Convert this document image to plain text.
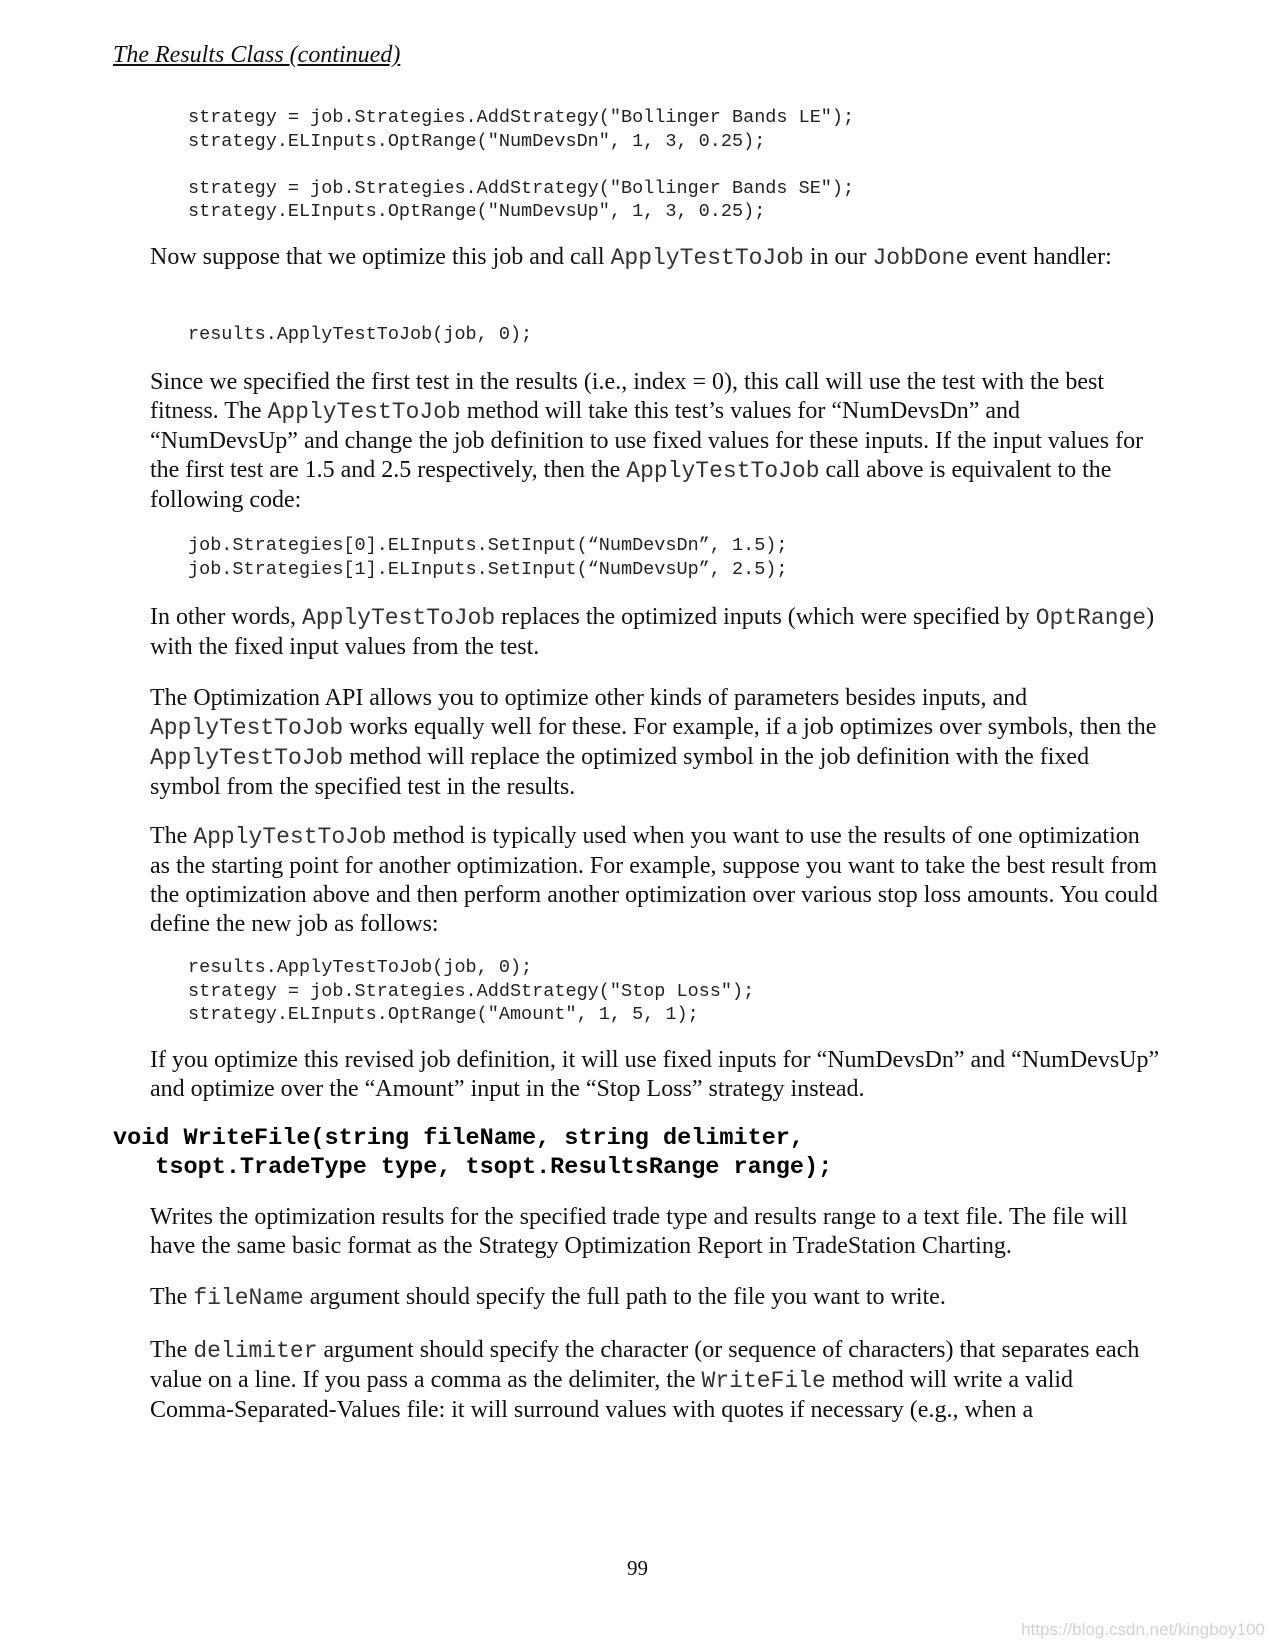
The Results Class (continued)
strategy = job.Strategies.AddStrategy("Bollinger Bands LE");
strategy.ELInputs.OptRange("NumDevsDn", 1, 3, 0.25);

strategy = job.Strategies.AddStrategy("Bollinger Bands SE");
strategy.ELInputs.OptRange("NumDevsUp", 1, 3, 0.25);

Now suppose that we optimize this job and call ApplyTestToJob in our JobDone event handler:

results.ApplyTestToJob(job, 0);

Since we specified the first test in the results (i.e., index = 0), this call will use the test with the best fitness. The ApplyTestToJob method will take this test’s values for “NumDevsDn” and “NumDevsUp” and change the job definition to use fixed values for these inputs. If the input values for the first test are 1.5 and 2.5 respectively, then the ApplyTestToJob call above is equivalent to the following code:

job.Strategies[0].ELInputs.SetInput(“NumDevsDn”, 1.5);
job.Strategies[1].ELInputs.SetInput(“NumDevsUp”, 2.5);

In other words, ApplyTestToJob replaces the optimized inputs (which were specified by OptRange) with the fixed input values from the test.

The Optimization API allows you to optimize other kinds of parameters besides inputs, and ApplyTestToJob works equally well for these. For example, if a job optimizes over symbols, then the ApplyTestToJob method will replace the optimized symbol in the job definition with the fixed symbol from the specified test in the results.

The ApplyTestToJob method is typically used when you want to use the results of one optimization as the starting point for another optimization. For example, suppose you want to take the best result from the optimization above and then perform another optimization over various stop loss amounts. You could define the new job as follows:

results.ApplyTestToJob(job, 0);
strategy = job.Strategies.AddStrategy("Stop Loss");
strategy.ELInputs.OptRange("Amount", 1, 5, 1);

If you optimize this revised job definition, it will use fixed inputs for “NumDevsDn” and “NumDevsUp” and optimize over the “Amount” input in the “Stop Loss” strategy instead.

void WriteFile(string fileName, string delimiter,
tsopt.TradeType type, tsopt.ResultsRange range);

Writes the optimization results for the specified trade type and results range to a text file. The file will have the same basic format as the Strategy Optimization Report in TradeStation Charting.

The fileName argument should specify the full path to the file you want to write.

The delimiter argument should specify the character (or sequence of characters) that separates each value on a line. If you pass a comma as the delimiter, the WriteFile method will write a valid Comma-Separated-Values file: it will surround values with quotes if necessary (e.g., when a

99
https://blog.csdn.net/kingboy100
